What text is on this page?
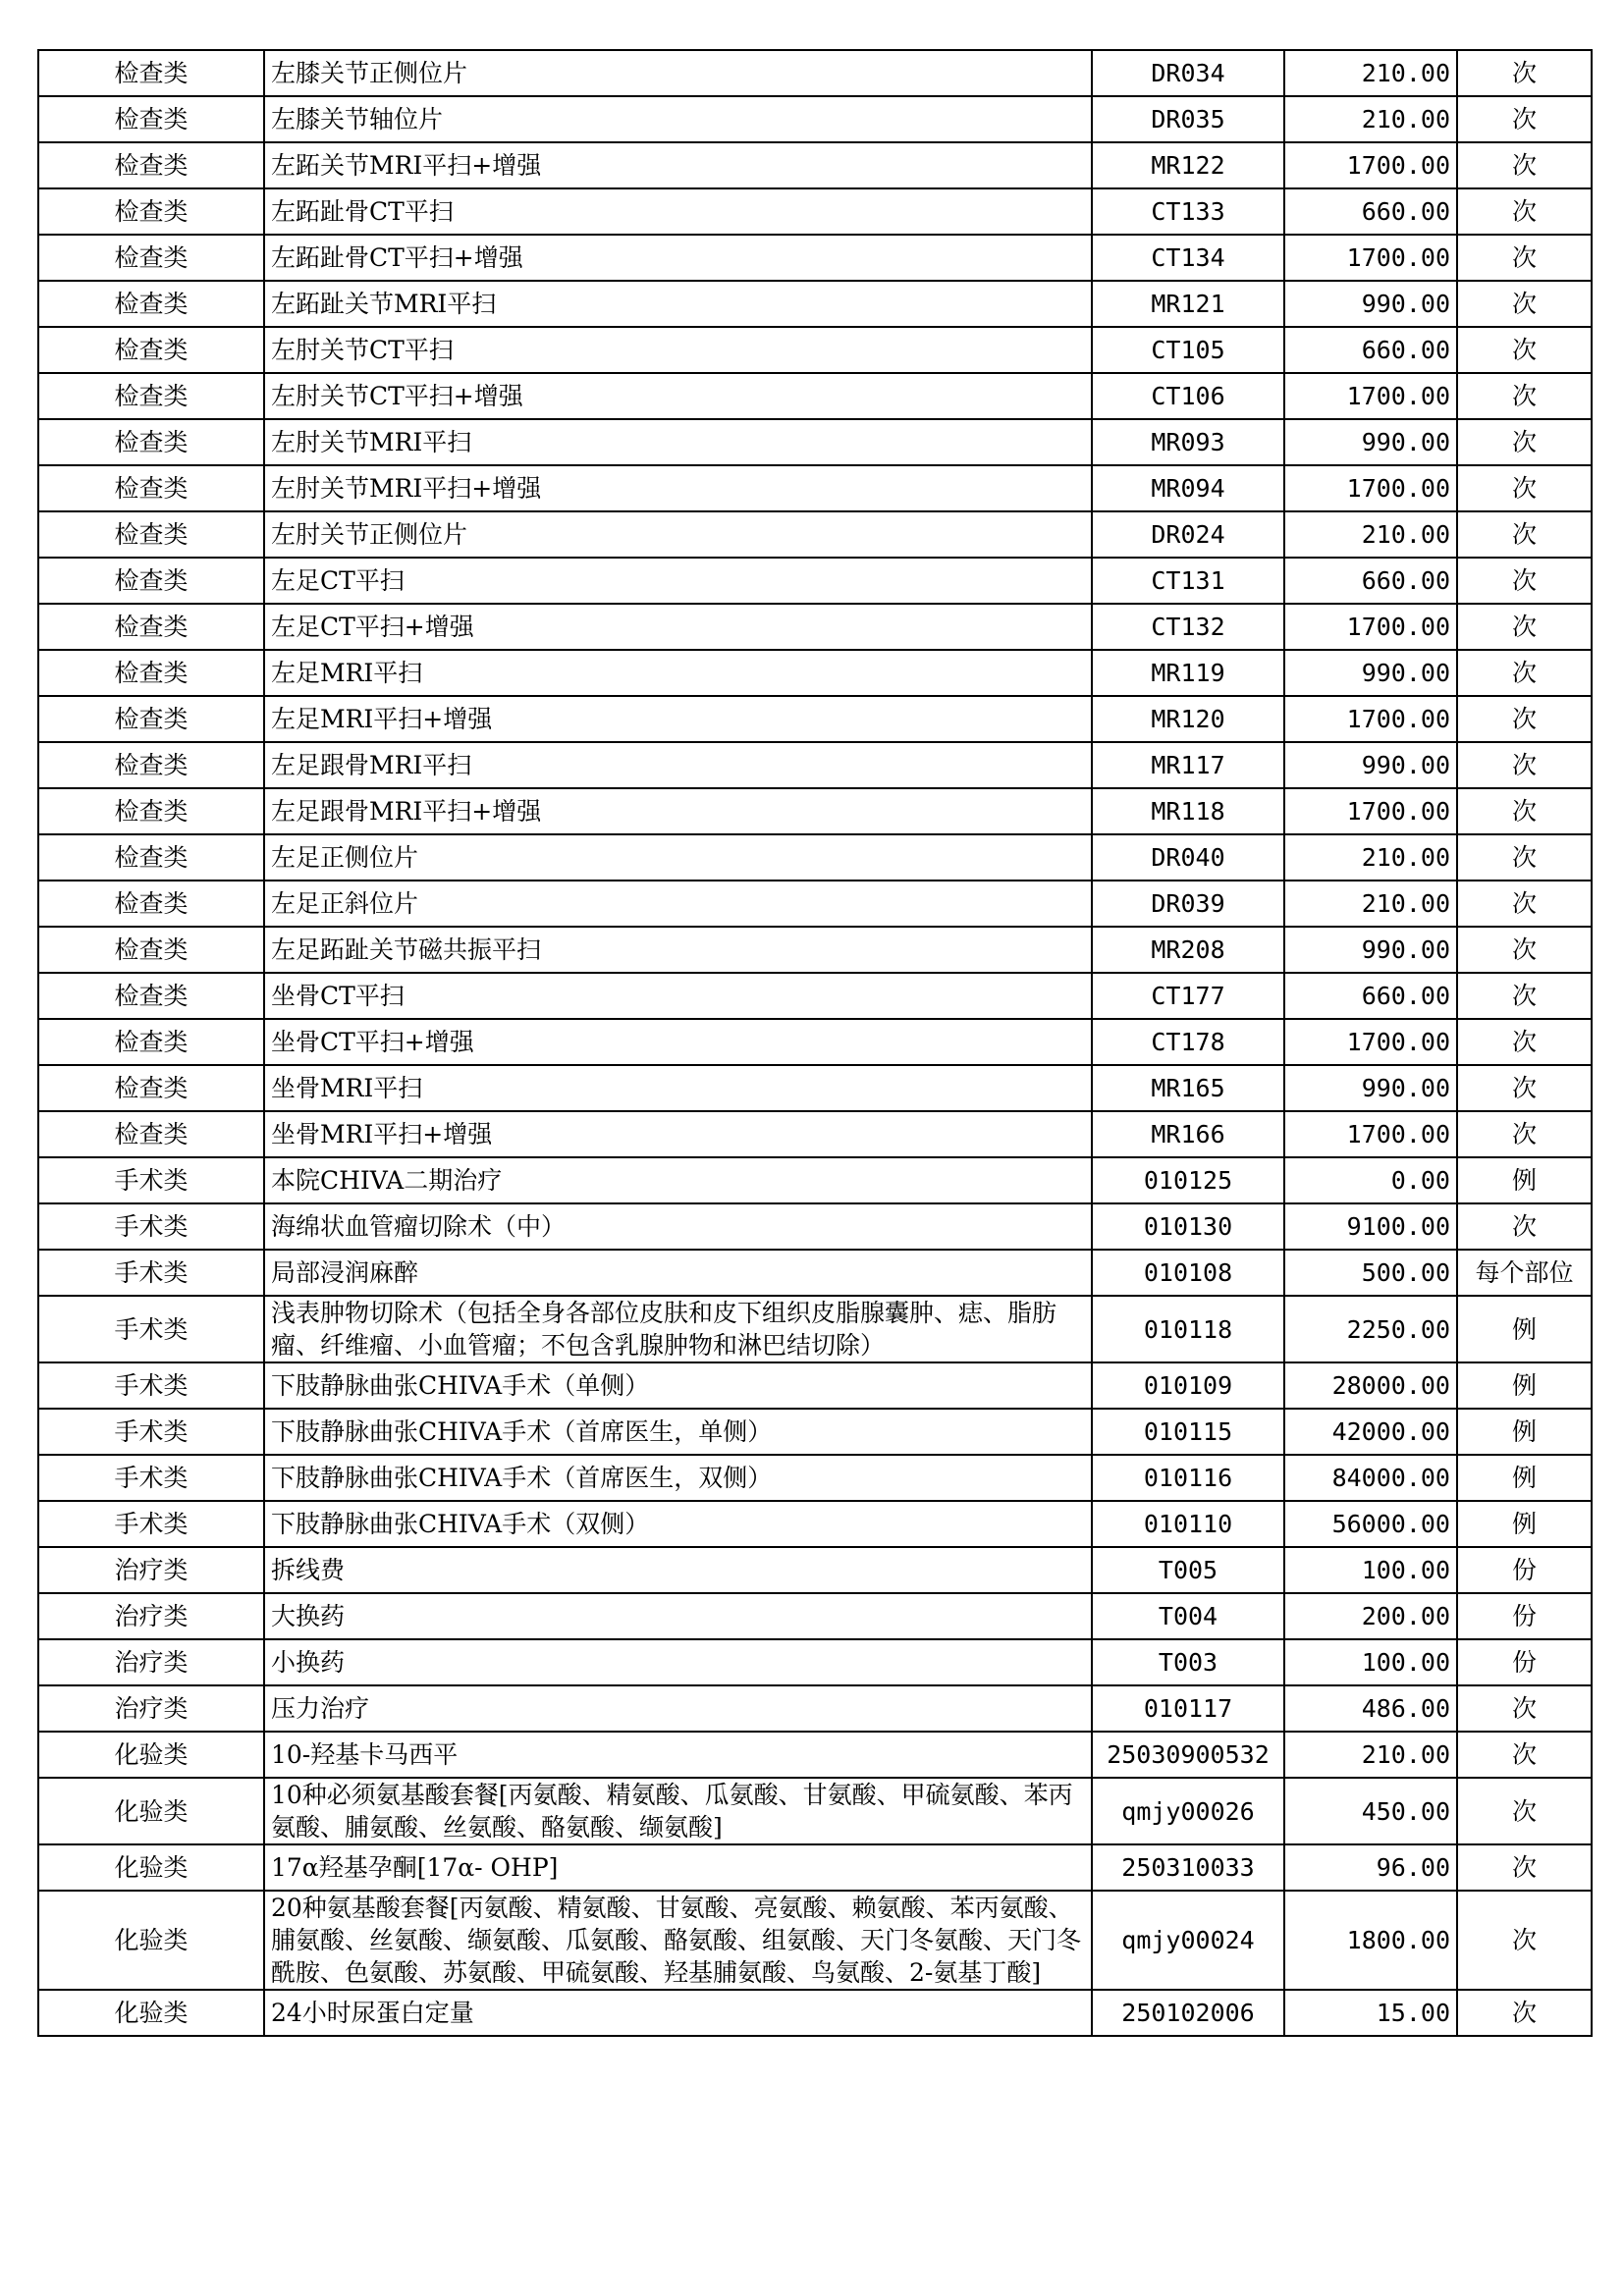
检查类	左膝关节正侧位片	DR034	210.00	次
检查类	左膝关节轴位片	DR035	210.00	次
检查类	左跖关节MRI平扫+增强	MR122	1700.00	次
检查类	左跖趾骨CT平扫	CT133	660.00	次
检查类	左跖趾骨CT平扫+增强	CT134	1700.00	次
检查类	左跖趾关节MRI平扫	MR121	990.00	次
检查类	左肘关节CT平扫	CT105	660.00	次
检查类	左肘关节CT平扫+增强	CT106	1700.00	次
检查类	左肘关节MRI平扫	MR093	990.00	次
检查类	左肘关节MRI平扫+增强	MR094	1700.00	次
检查类	左肘关节正侧位片	DR024	210.00	次
检查类	左足CT平扫	CT131	660.00	次
检查类	左足CT平扫+增强	CT132	1700.00	次
检查类	左足MRI平扫	MR119	990.00	次
检查类	左足MRI平扫+增强	MR120	1700.00	次
检查类	左足跟骨MRI平扫	MR117	990.00	次
检查类	左足跟骨MRI平扫+增强	MR118	1700.00	次
检查类	左足正侧位片	DR040	210.00	次
检查类	左足正斜位片	DR039	210.00	次
检查类	左足跖趾关节磁共振平扫	MR208	990.00	次
检查类	坐骨CT平扫	CT177	660.00	次
检查类	坐骨CT平扫+增强	CT178	1700.00	次
检查类	坐骨MRI平扫	MR165	990.00	次
检查类	坐骨MRI平扫+增强	MR166	1700.00	次
手术类	本院CHIVA二期治疗	010125	0.00	例
手术类	海绵状血管瘤切除术（中）	010130	9100.00	次
手术类	局部浸润麻醉	010108	500.00	每个部位
手术类	浅表肿物切除术（包括全身各部位皮肤和皮下组织皮脂腺囊肿、痣、脂肪瘤、纤维瘤、小血管瘤；不包含乳腺肿物和淋巴结切除）	010118	2250.00	例
手术类	下肢静脉曲张CHIVA手术（单侧）	010109	28000.00	例
手术类	下肢静脉曲张CHIVA手术（首席医生，单侧）	010115	42000.00	例
手术类	下肢静脉曲张CHIVA手术（首席医生，双侧）	010116	84000.00	例
手术类	下肢静脉曲张CHIVA手术（双侧）	010110	56000.00	例
治疗类	拆线费	T005	100.00	份
治疗类	大换药	T004	200.00	份
治疗类	小换药	T003	100.00	份
治疗类	压力治疗	010117	486.00	次
化验类	10-羟基卡马西平	25030900532	210.00	次
化验类	10种必须氨基酸套餐[丙氨酸、精氨酸、瓜氨酸、甘氨酸、甲硫氨酸、苯丙氨酸、脯氨酸、丝氨酸、酪氨酸、缬氨酸]	qmjy00026	450.00	次
化验类	17α羟基孕酮[17α- OHP]	250310033	96.00	次
化验类	20种氨基酸套餐[丙氨酸、精氨酸、甘氨酸、亮氨酸、赖氨酸、苯丙氨酸、脯氨酸、丝氨酸、缬氨酸、瓜氨酸、酪氨酸、组氨酸、天门冬氨酸、天门冬酰胺、色氨酸、苏氨酸、甲硫氨酸、羟基脯氨酸、鸟氨酸、2-氨基丁酸]	qmjy00024	1800.00	次
化验类	24小时尿蛋白定量	250102006	15.00	次
